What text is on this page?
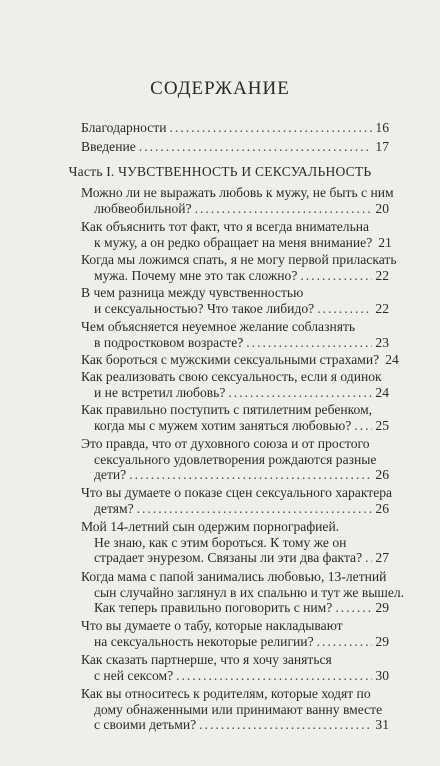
СОДЕРЖАНИЕ
Благодарности .....	16
Введение .....	17
Часть I. ЧУВСТВЕННОСТЬ И СЕКСУАЛЬНОСТЬ
Можно ли не выражать любовь к мужу, не быть с ним
любвеобильной? .....	20
Как объяснить тот факт, что я всегда внимательна
к мужу, а он редко обращает на меня внимание? 21
Когда мы ложимся спать, я не могу первой приласкать
мужа. Почему мне это так сложно? .....	22
В чем разница между чувственностью
и сексуальностью? Что такое либидо? .....	22
Чем объясняется неуемное желание соблазнять
в подростковом возрасте? .....	23
Как бороться с мужскими сексуальными страхами? 24
Как реализовать свою сексуальность, если я одинок
и не встретил любовь? .....	24
Как правильно поступить с пятилетним ребенком,
когда мы с мужем хотим заняться любовью? ..... 25
Это правда, что от духовного союза и от простого
сексуального удовлетворения рождаются разные
дети? .....	26
Что вы думаете о показе сцен сексуального характера
детям? .....	26
Мой 14-летний сын одержим порнографией.
Не знаю, как с этим бороться. К тому же он
страдает энурезом. Связаны ли эти два факта? ..... 27
Когда мама с папой занимались любовью, 13-летний
сын случайно заглянул в их спальню и тут же вышел.
Как теперь правильно поговорить с ним? .....	29
Что вы думаете о табу, которые накладывают
на сексуальность некоторые религии? .....	29
Как сказать партнерше, что я хочу заняться
с ней сексом? .....	30
Как вы относитесь к родителям, которые ходят по
дому обнаженными или принимают ванну вместе
с своими детьми? .....	31
